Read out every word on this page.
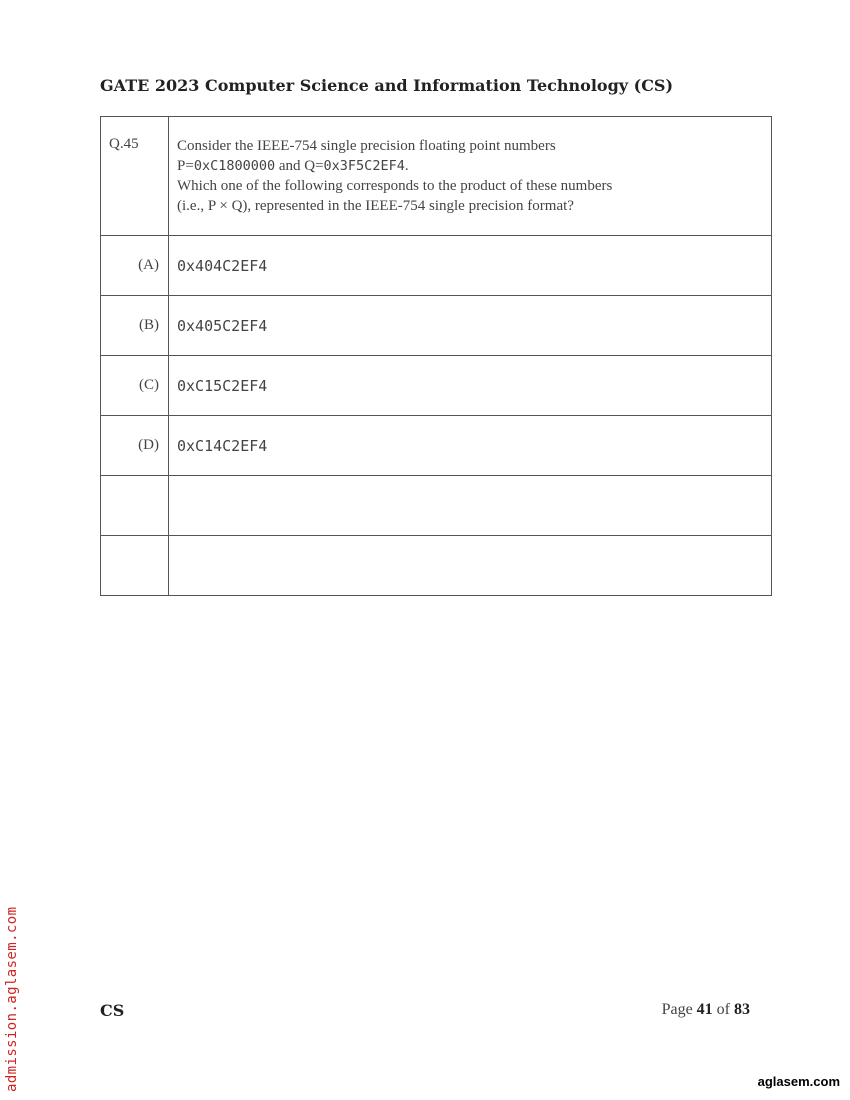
GATE 2023 Computer Science and Information Technology (CS)
Q.45	Consider the IEEE-754 single precision floating point numbers
P=0xC1800000 and Q=0x3F5C2EF4.
Which one of the following corresponds to the product of these numbers
(i.e., P × Q), represented in the IEEE-754 single precision format?
(A)	0x404C2EF4
(B)	0x405C2EF4
(C)	0xC15C2EF4
(D)	0xC14C2EF4

CS	Page 41 of 83
admission.aglasem.com	aglasem.com
